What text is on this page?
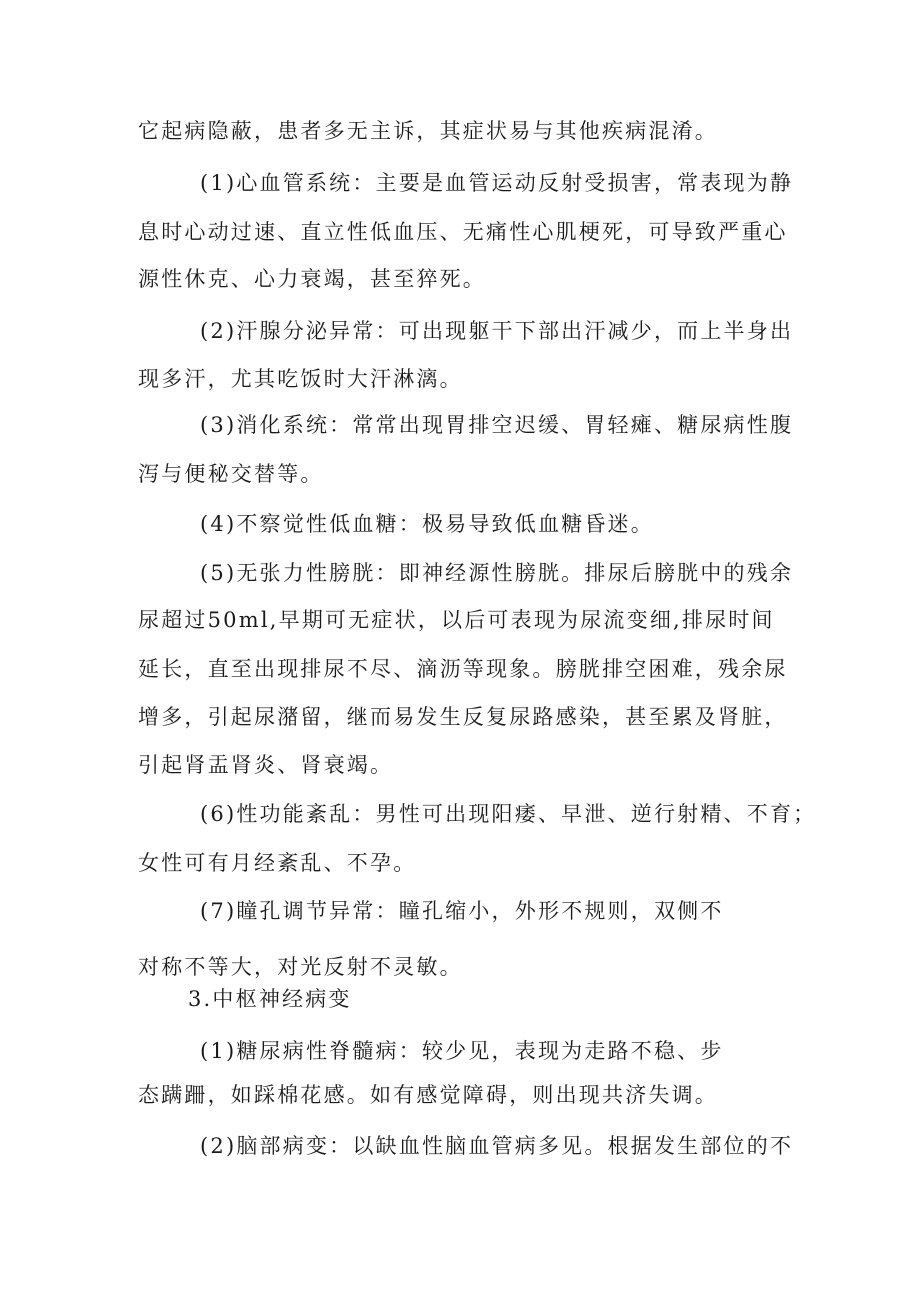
它起病隐蔽，患者多无主诉，其症状易与其他疾病混淆。
(1)心血管系统：主要是血管运动反射受损害，常表现为静
息时心动过速、直立性低血压、无痛性心肌梗死，可导致严重心
源性休克、心力衰竭，甚至猝死。
(2)汗腺分泌异常：可出现躯干下部出汗减少，而上半身出
现多汗，尤其吃饭时大汗淋漓。
(3)消化系统：常常出现胃排空迟缓、胃轻瘫、糖尿病性腹
泻与便秘交替等。
(4)不察觉性低血糖：极易导致低血糖昏迷。
(5)无张力性膀胱：即神经源性膀胱。排尿后膀胱中的残余
尿超过50ml,早期可无症状，以后可表现为尿流变细,排尿时间
延长，直至出现排尿不尽、滴沥等现象。膀胱排空困难，残余尿
增多，引起尿潴留，继而易发生反复尿路感染，甚至累及肾脏，
引起肾盂肾炎、肾衰竭。
(6)性功能紊乱：男性可出现阳痿、早泄、逆行射精、不育；
女性可有月经紊乱、不孕。
(7)瞳孔调节异常：瞳孔缩小，外形不规则，双侧不
对称不等大，对光反射不灵敏。
3.中枢神经病变
(1)糖尿病性脊髓病：较少见，表现为走路不稳、步
态蹒跚，如踩棉花感。如有感觉障碍，则出现共济失调。
(2)脑部病变：以缺血性脑血管病多见。根据发生部位的不
